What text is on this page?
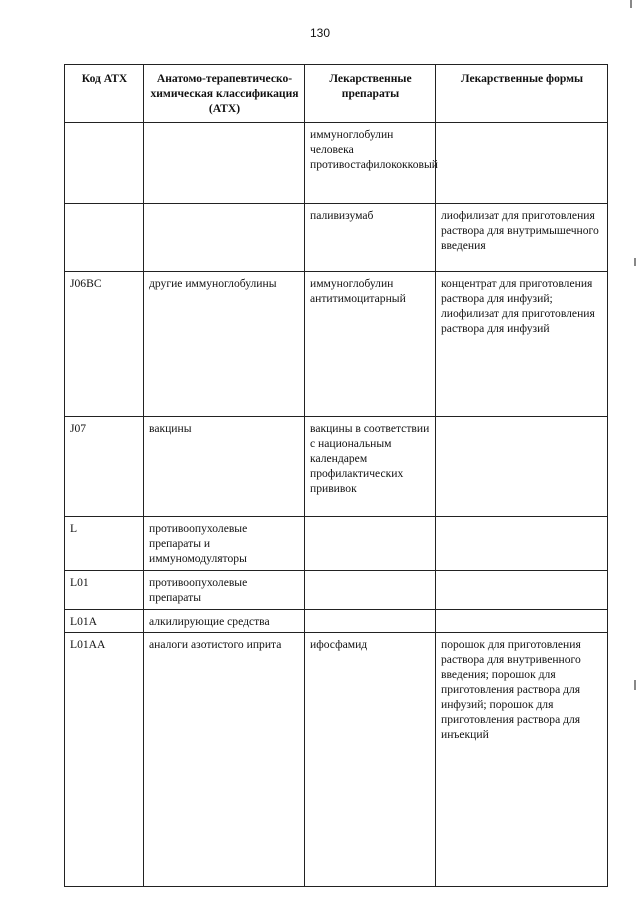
130
Код АТХ	Анатомо-терапевтическо-химическая классификация (АТХ)	Лекарственные препараты	Лекарственные формы
		иммуноглобулин человека противостафилококковый	
		паливизумаб	лиофилизат для приготовления раствора для внутримышечного введения
J06BC	другие иммуноглобулины	иммуноглобулин антитимоцитарный	концентрат для приготовления раствора для инфузий; лиофилизат для приготовления раствора для инфузий
J07	вакцины	вакцины в соответствии с национальным календарем профилактических прививок	
L	противоопухолевые препараты и иммуномодуляторы		
L01	противоопухолевые препараты		
L01A	алкилирующие средства		
L01AA	аналоги азотистого иприта	ифосфамид	порошок для приготовления раствора для внутривенного введения; порошок для приготовления раствора для инфузий; порошок для приготовления раствора для инъекций
